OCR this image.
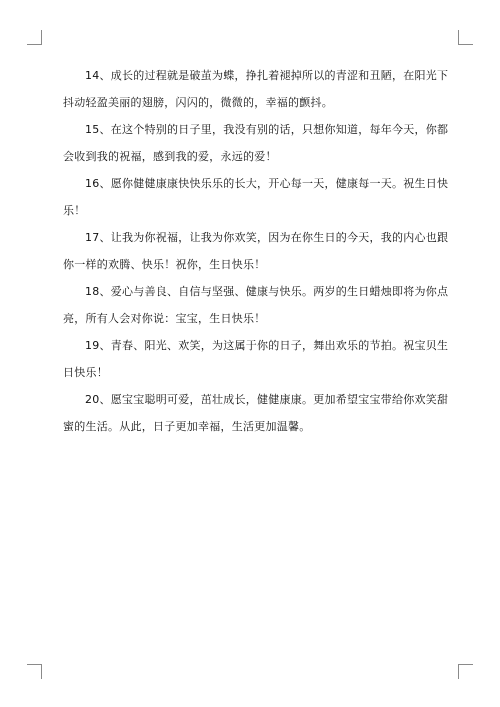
14、成长的过程就是破茧为蝶，挣扎着褪掉所以的青涩和丑陋，在阳光下抖动轻盈美丽的翅膀，闪闪的，微微的，幸福的颤抖。

15、在这个特别的日子里，我没有别的话，只想你知道，每年今天，你都会收到我的祝福，感到我的爱，永远的爱！

16、愿你健健康康快快乐乐的长大，开心每一天，健康每一天。祝生日快乐！

17、让我为你祝福，让我为你欢笑，因为在你生日的今天，我的内心也跟你一样的欢腾、快乐！祝你，生日快乐！

18、爱心与善良、自信与坚强、健康与快乐。两岁的生日蜡烛即将为你点亮，所有人会对你说：宝宝，生日快乐！

19、青春、阳光、欢笑，为这属于你的日子，舞出欢乐的节拍。祝宝贝生日快乐！

20、愿宝宝聪明可爱，茁壮成长，健健康康。更加希望宝宝带给你欢笑甜蜜的生活。从此，日子更加幸福，生活更加温馨。
